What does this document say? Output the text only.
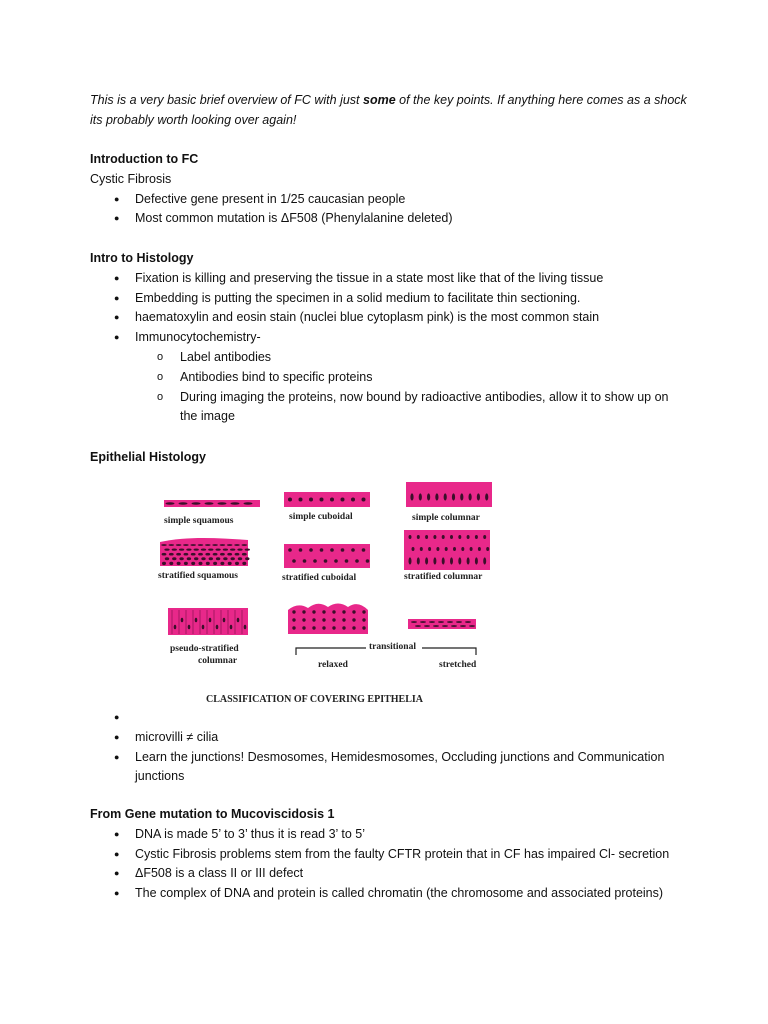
This is a very basic brief overview of FC with just some of the key points. If anything here comes as a shock its probably worth looking over again!

Introduction to FC
Cystic Fibrosis
● Defective gene present in 1/25 caucasian people
● Most common mutation is ΔF508 (Phenylalanine deleted)
Intro to Histology
● Fixation is killing and preserving the tissue in a state most like that of the living tissue
● Embedding is putting the specimen in a solid medium to facilitate thin sectioning.
● haematoxylin and eosin stain (nuclei blue cytoplasm pink) is the most common stain
● Immunocytochemistry-
o Label antibodies
o Antibodies bind to specific proteins
o During imaging the proteins, now bound by radioactive antibodies, allow it to show up on the image
Epithelial Histology
simple squamous	simple cuboidal	simple columnar
stratified squamous	stratified cuboidal	stratified columnar
pseudo-stratified
columnar
transitional
relaxed	stretched
CLASSIFICATION OF COVERING EPITHELIA
●
● microvilli ≠ cilia
● Learn the junctions! Desmosomes, Hemidesmosomes, Occluding junctions and Communication junctions
From Gene mutation to Mucoviscidosis 1
● DNA is made 5’ to 3’ thus it is read 3’ to 5’
● Cystic Fibrosis problems stem from the faulty CFTR protein that in CF has impaired Cl- secretion
● ΔF508 is a class II or III defect
● The complex of DNA and protein is called chromatin (the chromosome and associated proteins)
